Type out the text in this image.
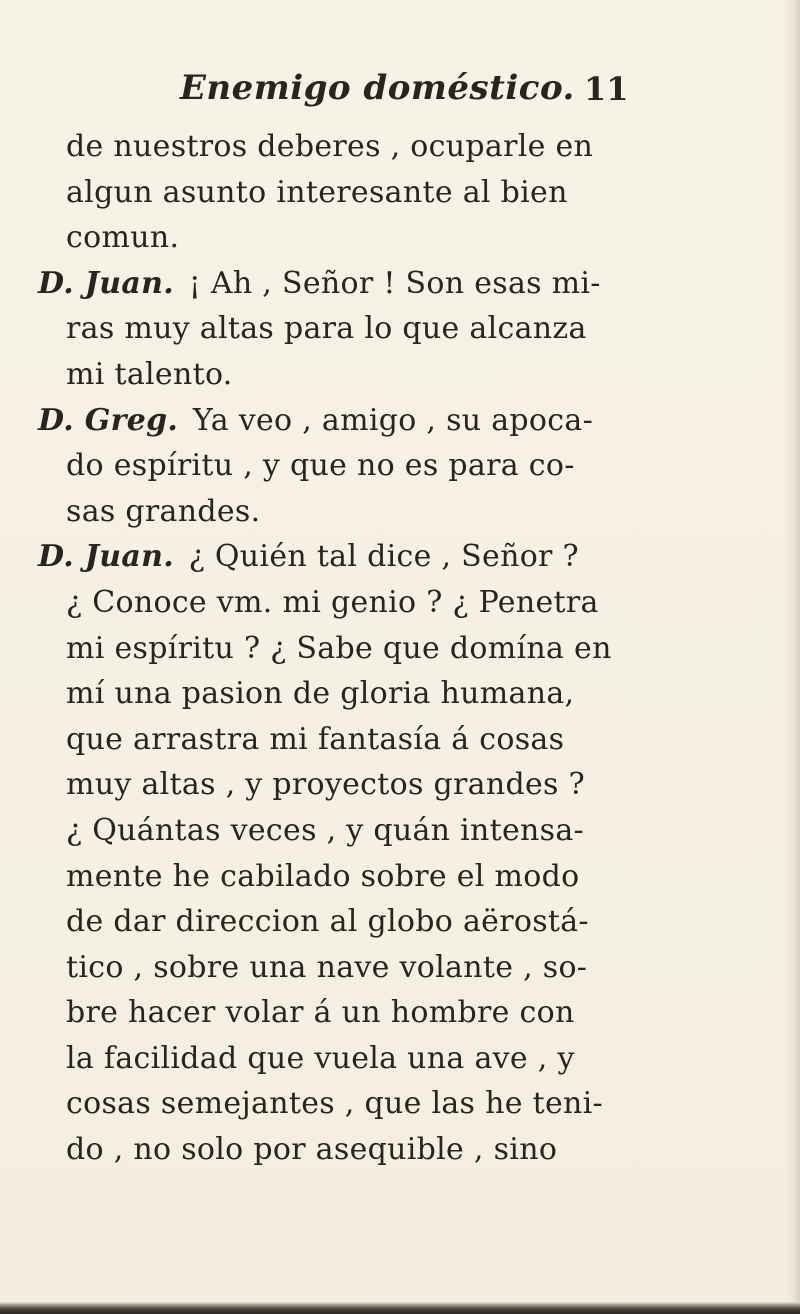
Enemigo doméstico. 11
de nuestros deberes , ocuparle en
algun asunto interesante al bien
comun.
D. Juan. ¡ Ah , Señor ! Son esas mi-
ras muy altas para lo que alcanza
mi talento.
D. Greg. Ya veo , amigo , su apoca-
do espíritu , y que no es para co-
sas grandes.
D. Juan. ¿ Quién tal dice , Señor ?
¿ Conoce vm. mi genio ? ¿ Penetra
mi espíritu ? ¿ Sabe que domína en
mí una pasion de gloria humana,
que arrastra mi fantasía á cosas
muy altas , y proyectos grandes ?
¿ Quántas veces , y quán intensa-
mente he cabilado sobre el modo
de dar direccion al globo aërostá-
tico , sobre una nave volante , so-
bre hacer volar á un hombre con
la facilidad que vuela una ave , y
cosas semejantes , que las he teni-
do , no solo por asequible , sino
